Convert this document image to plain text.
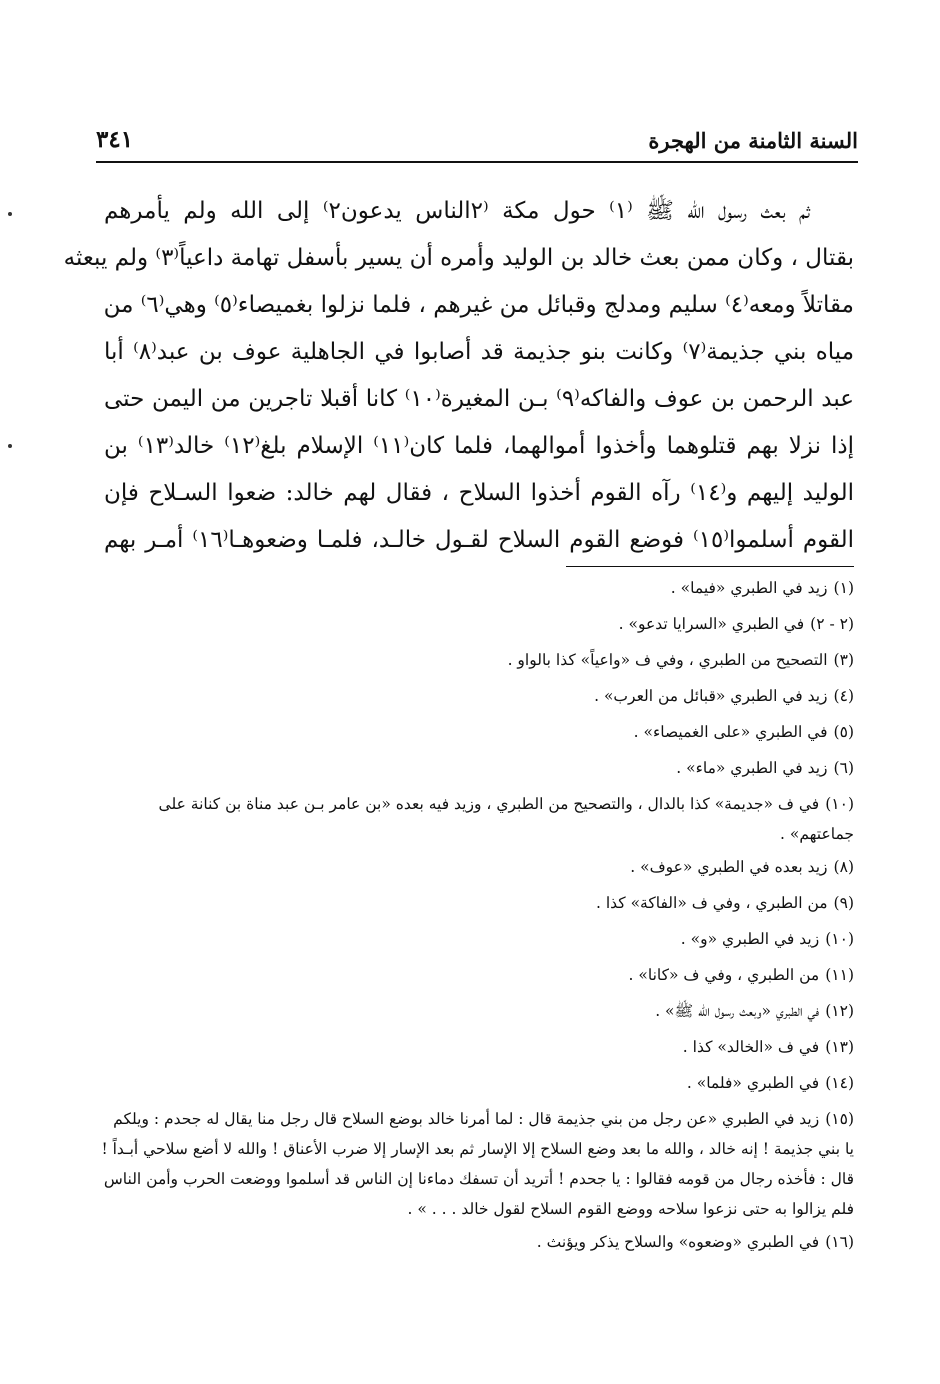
السنة الثامنة من الهجرة
٣٤١
ثم بعث رسول الله ﷺ ⁽١⁾ حول مكة ⁽٢الناس يدعون٢⁾ إلى الله ولم يأمرهم
بقتال ، وكان ممن بعث خالد بن الوليد وأمره أن يسير بأسفل تهامة داعياً⁽٣⁾ ولم يبعثه
مقاتلاً ومعه⁽٤⁾ سليم ومدلج وقبائل من غيرهم ، فلما نزلوا بغميصاء⁽٥⁾ وهي⁽٦⁾ من
مياه بني جذيمة⁽٧⁾ وكانت بنو جذيمة قد أصابوا في الجاهلية عوف بن عبد⁽٨⁾ أبا
عبد الرحمن بن عوف والفاكه⁽٩⁾ بـن المغيرة⁽١٠⁾ كانا أقبلا تاجرين من اليمن حتى
إذا نزلا بهم قتلوهما وأخذوا أموالهما، فلما كان⁽١١⁾ الإسلام بلغ⁽١٢⁾ خالد⁽١٣⁾ بن
الوليد إليهم و⁽١٤⁾ رآه القوم أخذوا السلاح ، فقال لهم خالد: ضعوا السـلاح فإن
القوم أسلموا⁽١٥⁾ فوضع القوم السلاح لقـول خالـد، فلمـا وضعوهـا⁽١٦⁾ أمـر بهم
(١)زيد في الطبري «فيما» .
(٢ - ٢)في الطبري «السرايا تدعو» .
(٣)التصحيح من الطبري ، وفي ف «واعياً» كذا بالواو .
(٤)زيد في الطبري «قبائل من العرب» .
(٥)في الطبري «على الغميصاء» .
(٦)زيد في الطبري «ماء» .
(١٠)في ف «جديمة» كذا بالدال ، والتصحيح من الطبري ، وزيد فيه بعده «بن عامر بـن عبد مناة بن كنانة على جماعتهم» .
(٨)زيد بعده في الطبري «عوف» .
(٩)من الطبري ، وفي ف «الفاكة» كذا .
(١٠)زيد في الطبري «و» .
(١١)من الطبري ، وفي ف «كانا» .
(١٢)في الطبري «وبعث رسول الله ﷺ» .
(١٣)في ف «الخالد» كذا .
(١٤)في الطبري «فلما» .
(١٥)زيد في الطبري «عن رجل من بني جذيمة قال : لما أمرنا خالد بوضع السلاح قال رجل منا يقال له جحدم : ويلكم يا بني جذيمة ! إنه خالد ، والله ما بعد وضع السلاح إلا الإسار ثم بعد الإسار إلا ضرب الأعناق ! والله لا أضع سلاحي أبـداً ! قال : فأخذه رجال من قومه فقالوا : يا جحدم ! أتريد أن تسفك دماءنا إن الناس قد أسلموا ووضعت الحرب وأمن الناس فلم يزالوا به حتى نزعوا سلاحه ووضع القوم السلاح لقول خالد . . . » .
(١٦)في الطبري «وضعوه» والسلاح يذكر ويؤنث .
